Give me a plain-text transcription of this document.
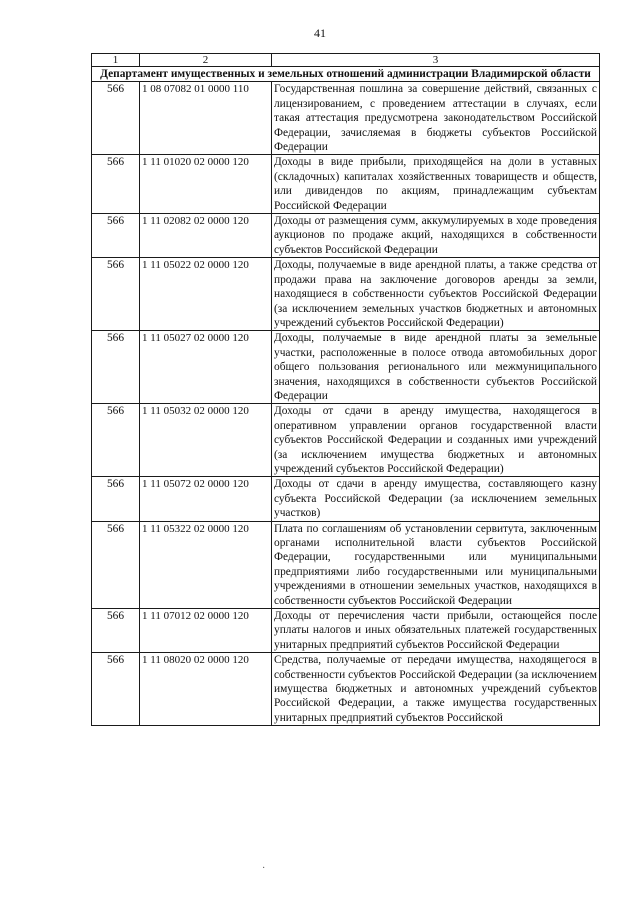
41
1	2	3
Департамент имущественных и земельных отношений администрации Владимирской области		
566	1 08 07082 01 0000 110	Государственная пошлина за совершение действий, связанных с лицензированием, с проведением аттестации в случаях, если такая аттестация предусмотрена законодательством Российской Федерации, зачисляемая в бюджеты субъектов Российской Федерации
566	1 11 01020 02 0000 120	Доходы в виде прибыли, приходящейся на доли в уставных (складочных) капиталах хозяйственных товариществ и обществ, или дивидендов по акциям, принадлежащим субъектам Российской Федерации
566	1 11 02082 02 0000 120	Доходы от размещения сумм, аккумулируемых в ходе проведения аукционов по продаже акций, находящихся в собственности субъектов Российской Федерации
566	1 11 05022 02 0000 120	Доходы, получаемые в виде арендной платы, а также средства от продажи права на заключение договоров аренды за земли, находящиеся в собственности субъектов Российской Федерации (за исключением земельных участков бюджетных и автономных учреждений субъектов Российской Федерации)
566	1 11 05027 02 0000 120	Доходы, получаемые в виде арендной платы за земельные участки, расположенные в полосе отвода автомобильных дорог общего пользования регионального или межмуниципального значения, находящихся в собственности субъектов Российской Федерации
566	1 11 05032 02 0000 120	Доходы от сдачи в аренду имущества, находящегося в оперативном управлении органов государственной власти субъектов Российской Федерации и созданных ими учреждений (за исключением имущества бюджетных и автономных учреждений субъектов Российской Федерации)
566	1 11 05072 02 0000 120	Доходы от сдачи в аренду имущества, составляющего казну субъекта Российской Федерации (за исключением земельных участков)
566	1 11 05322 02 0000 120	Плата по соглашениям об установлении сервитута, заключенным органами исполнительной власти субъектов Российской Федерации, государственными или муниципальными предприятиями либо государственными или муниципальными учреждениями в отношении земельных участков, находящихся в собственности субъектов Российской Федерации
566	1 11 07012 02 0000 120	Доходы от перечисления части прибыли, остающейся после уплаты налогов и иных обязательных платежей государственных унитарных предприятий субъектов Российской Федерации
566	1 11 08020 02 0000 120	Средства, получаемые от передачи имущества, находящегося в собственности субъектов Российской Федерации (за исключением имущества бюджетных и автономных учреждений субъектов Российской Федерации, а также имущества государственных унитарных предприятий субъектов Российской
·
